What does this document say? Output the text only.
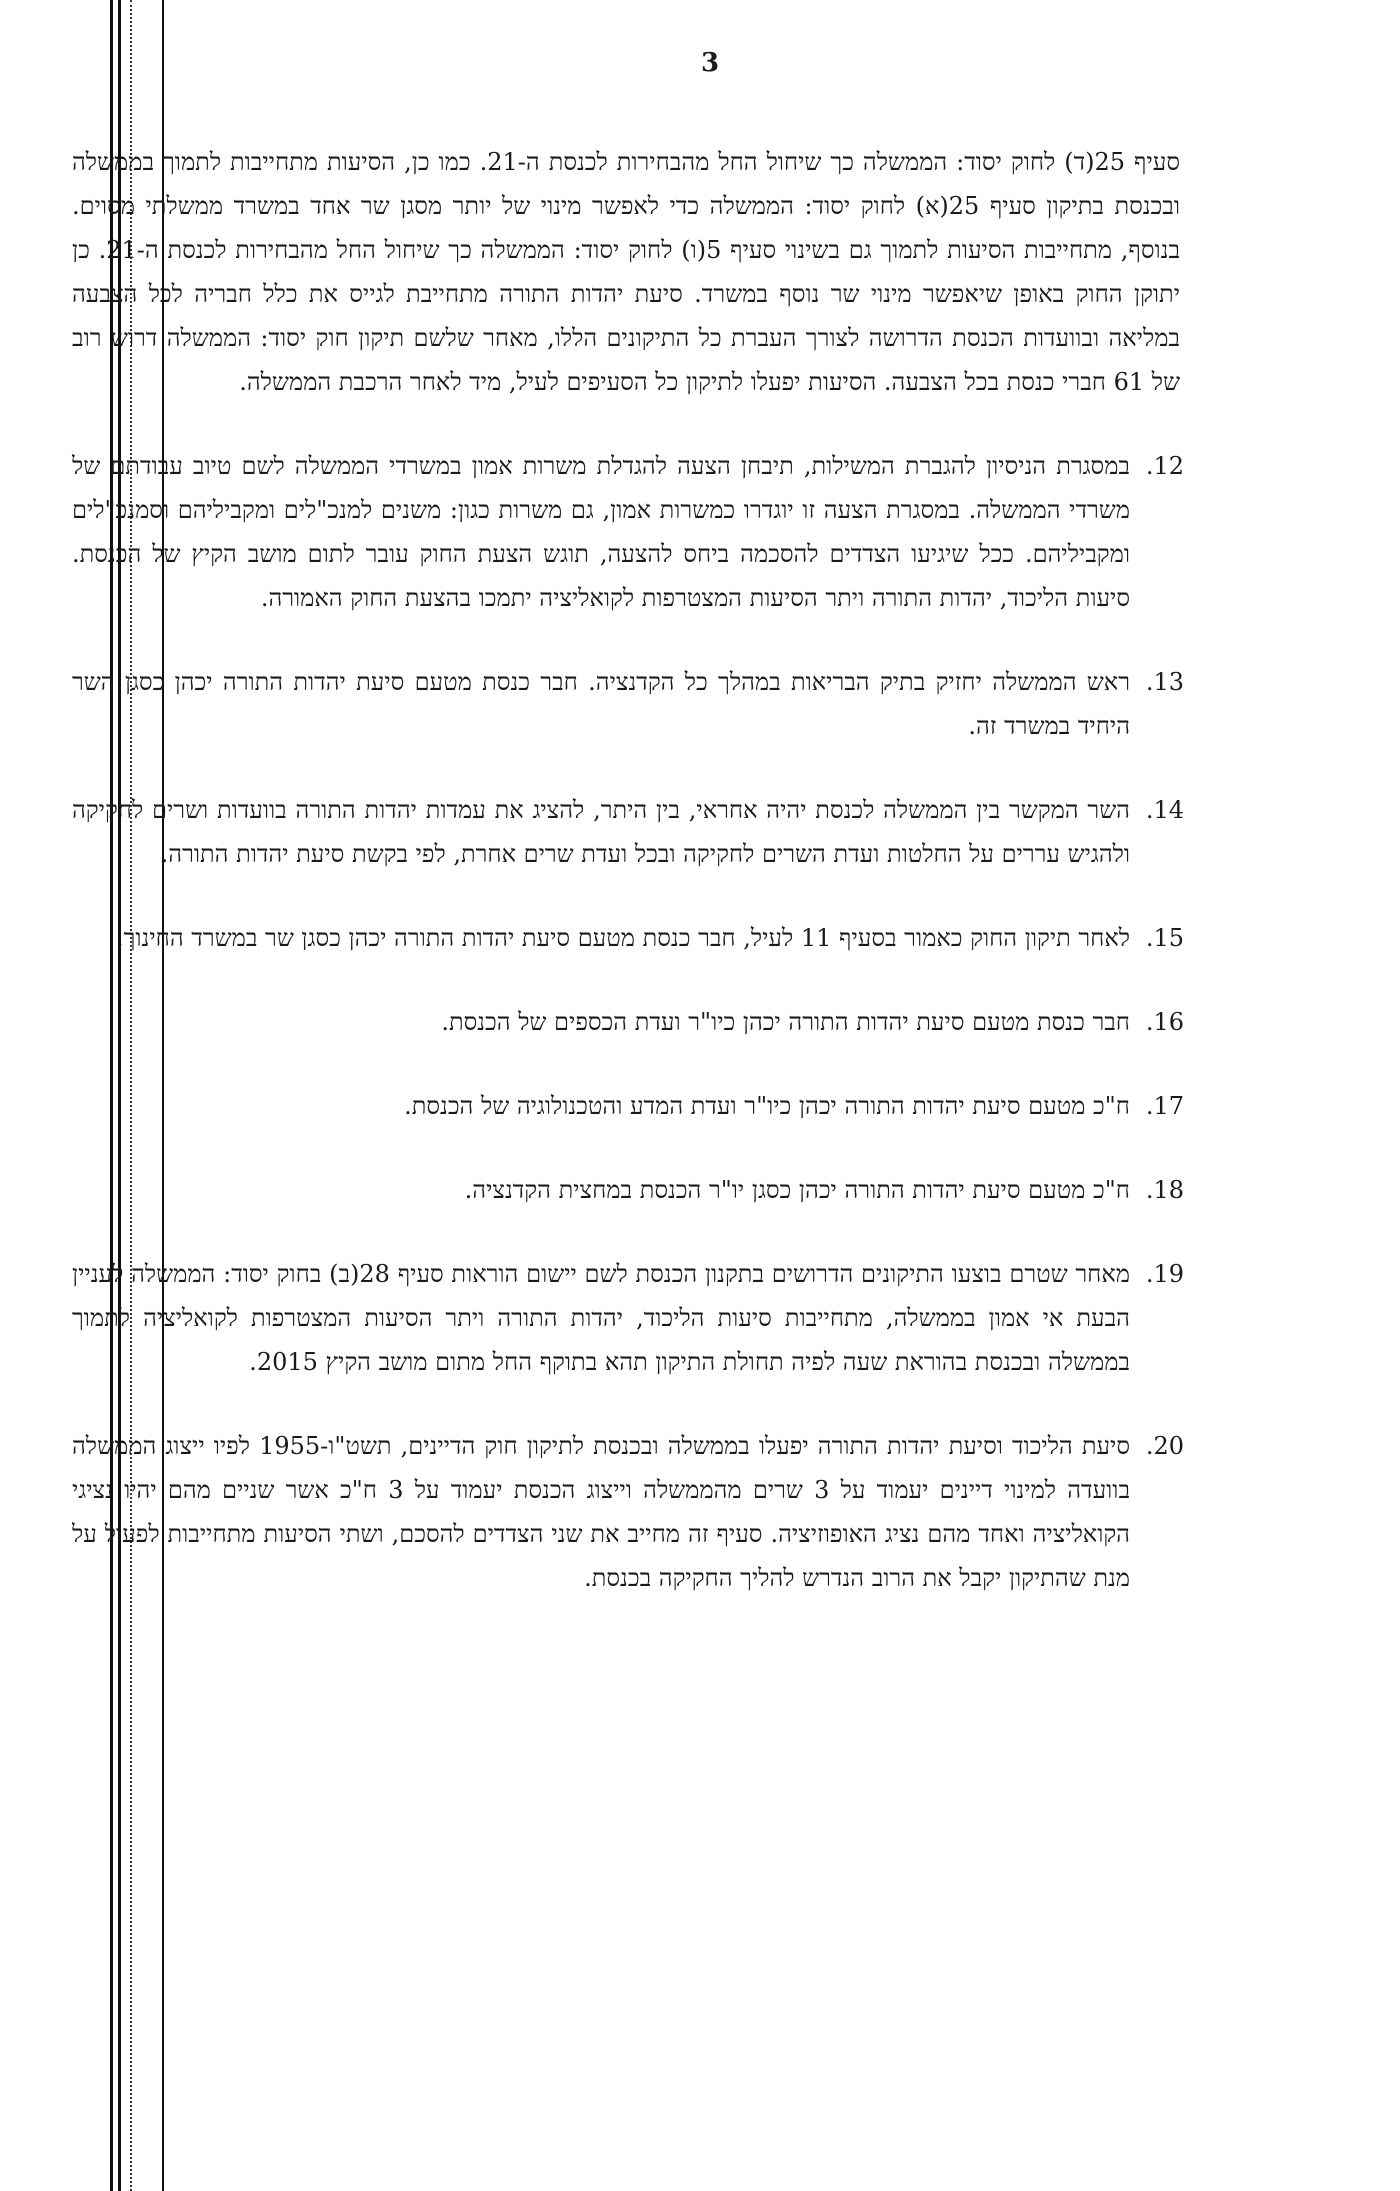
3

סעיף 25(ד) לחוק יסוד: הממשלה כך שיחול החל מהבחירות לכנסת ה-21. כמו כן, הסיעות מתחייבות לתמוך בממשלה ובכנסת בתיקון סעיף 25(א) לחוק יסוד: הממשלה כדי לאפשר מינוי של יותר מסגן שר אחד במשרד ממשלתי מסוים. בנוסף, מתחייבות הסיעות לתמוך גם בשינוי סעיף 5(ו) לחוק יסוד: הממשלה כך שיחול החל מהבחירות לכנסת ה-21. כן יתוקן החוק באופן שיאפשר מינוי שר נוסף במשרד. סיעת יהדות התורה מתחייבת לגייס את כלל חבריה לכל הצבעה במליאה ובוועדות הכנסת הדרושה לצורך העברת כל התיקונים הללו, מאחר שלשם תיקון חוק יסוד: הממשלה דרוש רוב של 61 חברי כנסת בכל הצבעה. הסיעות יפעלו לתיקון כל הסעיפים לעיל, מיד לאחר הרכבת הממשלה.

12.
במסגרת הניסיון להגברת המשילות, תיבחן הצעה להגדלת משרות אמון במשרדי הממשלה לשם טיוב עבודתם של משרדי הממשלה. במסגרת הצעה זו יוגדרו כמשרות אמון, גם משרות כגון: משנים למנכ"לים ומקביליהם וסמנכ"לים ומקביליהם. ככל שיגיעו הצדדים להסכמה ביחס להצעה, תוגש הצעת החוק עובר לתום מושב הקיץ של הכנסת. סיעות הליכוד, יהדות התורה ויתר הסיעות המצטרפות לקואליציה יתמכו בהצעת החוק האמורה.
13.
ראש הממשלה יחזיק בתיק הבריאות במהלך כל הקדנציה. חבר כנסת מטעם סיעת יהדות התורה יכהן כסגן השר היחיד במשרד זה.
14.
השר המקשר בין הממשלה לכנסת יהיה אחראי, בין היתר, להציג את עמדות יהדות התורה בוועדות ושרים לחקיקה ולהגיש עררים על החלטות ועדת השרים לחקיקה ובכל ועדת שרים אחרת, לפי בקשת סיעת יהדות התורה.
15.
לאחר תיקון החוק כאמור בסעיף 11 לעיל, חבר כנסת מטעם סיעת יהדות התורה יכהן כסגן שר במשרד החינוך.
16.
חבר כנסת מטעם סיעת יהדות התורה יכהן כיו"ר ועדת הכספים של הכנסת.
17.
ח"כ מטעם סיעת יהדות התורה יכהן כיו"ר ועדת המדע והטכנולוגיה של הכנסת.
18.
ח"כ מטעם סיעת יהדות התורה יכהן כסגן יו"ר הכנסת במחצית הקדנציה.
19.
מאחר שטרם בוצעו התיקונים הדרושים בתקנון הכנסת לשם יישום הוראות סעיף 28(ב) בחוק יסוד: הממשלה לעניין הבעת אי אמון בממשלה, מתחייבות סיעות הליכוד, יהדות התורה ויתר הסיעות המצטרפות לקואליציה לתמוך בממשלה ובכנסת בהוראת שעה לפיה תחולת התיקון תהא בתוקף החל מתום מושב הקיץ 2015.
20.
סיעת הליכוד וסיעת יהדות התורה יפעלו בממשלה ובכנסת לתיקון חוק הדיינים, תשט"ו-1955 לפיו ייצוג הממשלה בוועדה למינוי דיינים יעמוד על 3 שרים מהממשלה וייצוג הכנסת יעמוד על 3 ח"כ אשר שניים מהם יהיו נציגי הקואליציה ואחד מהם נציג האופוזיציה. סעיף זה מחייב את שני הצדדים להסכם, ושתי הסיעות מתחייבות לפעול על מנת שהתיקון יקבל את הרוב הנדרש להליך החקיקה בכנסת.
